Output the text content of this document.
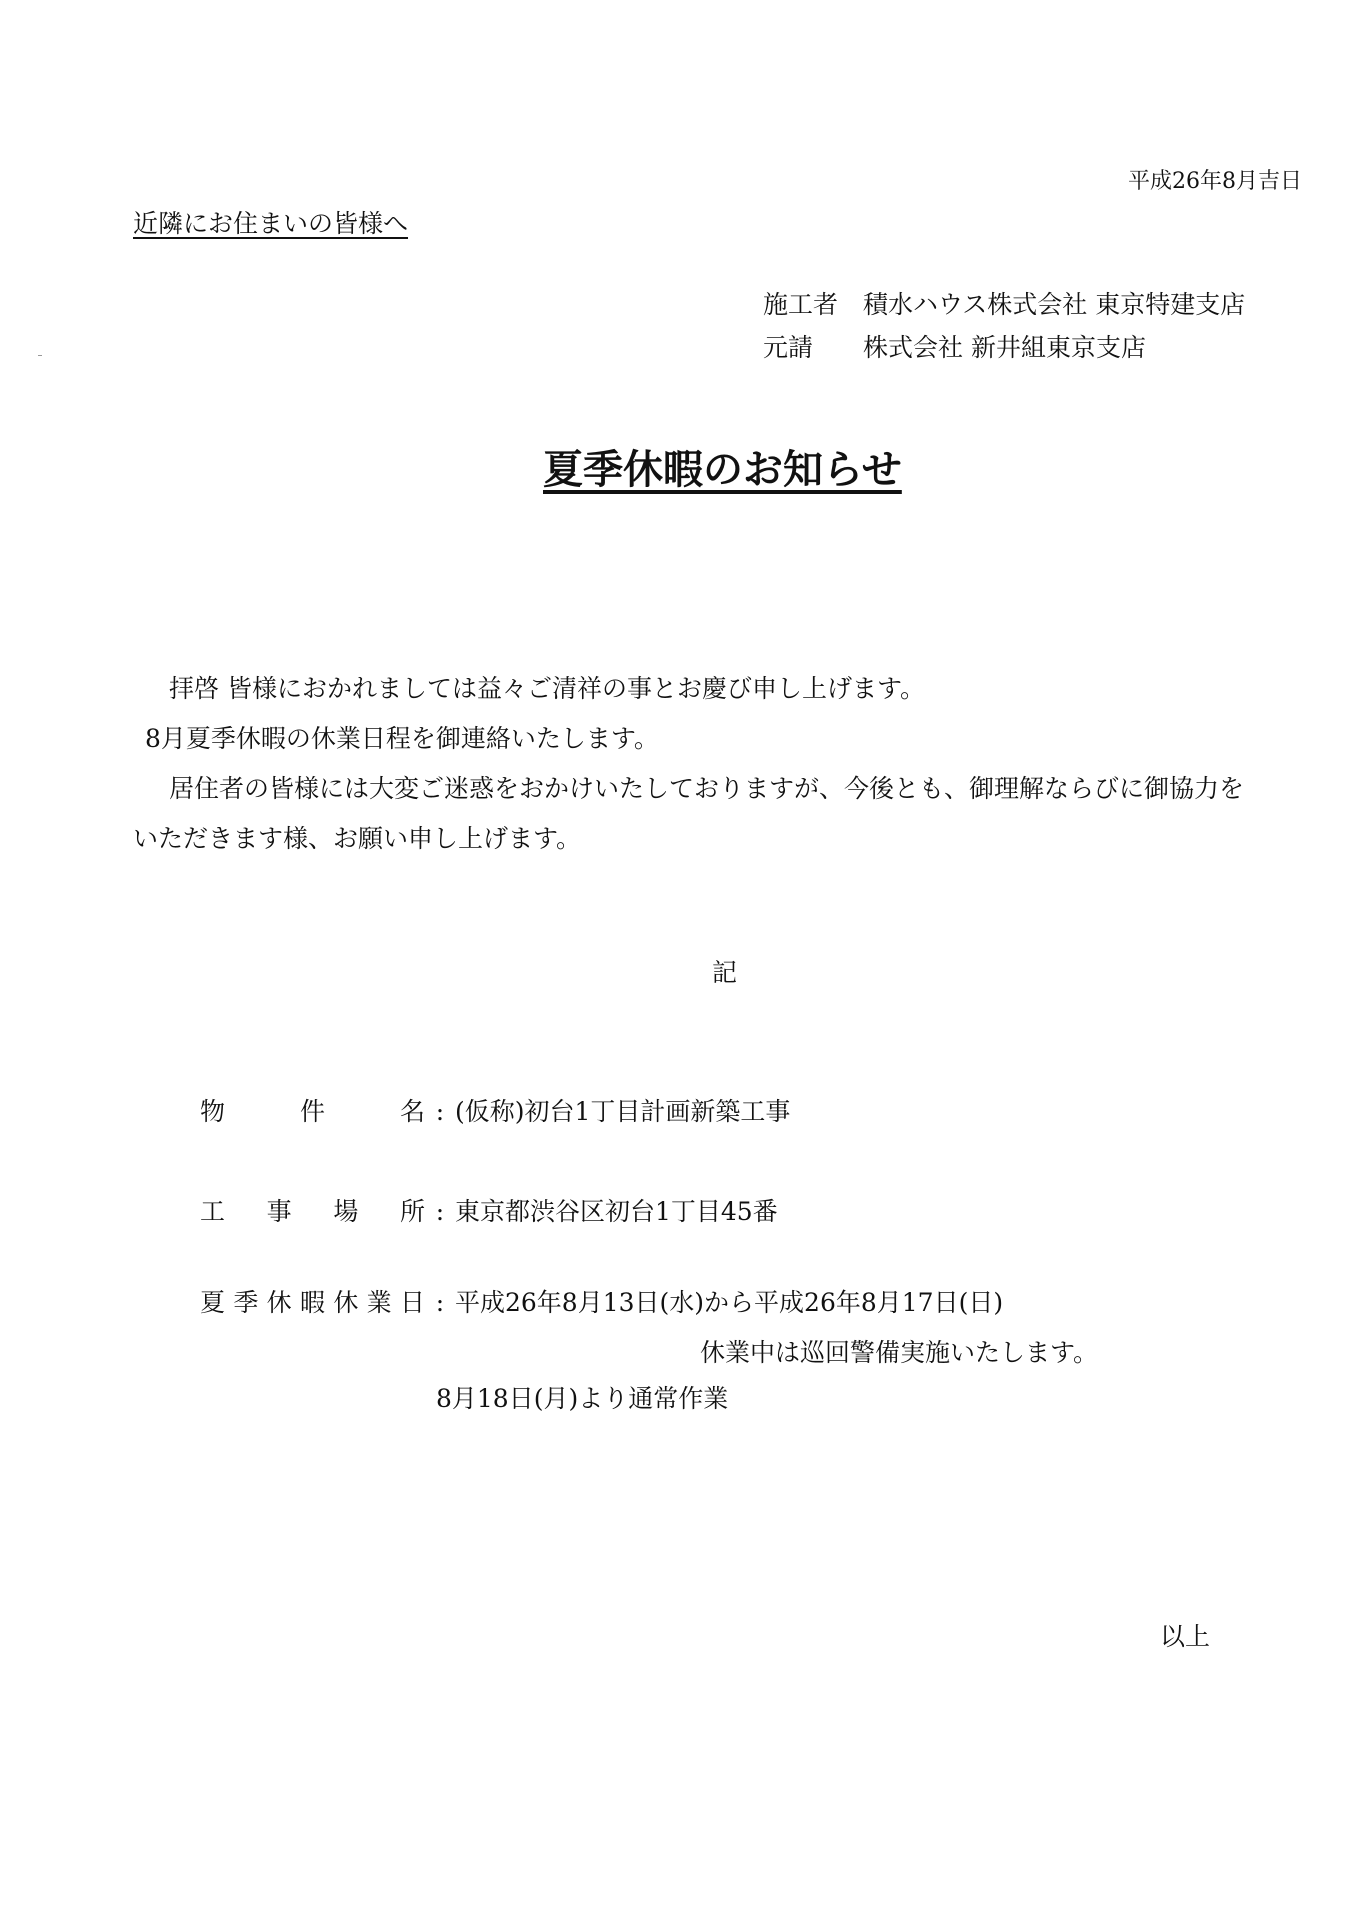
平成26年8月吉日
近隣にお住まいの皆様へ
施工者 積水ハウス株式会社 東京特建支店
元請 株式会社 新井組東京支店
夏季休暇のお知らせ

拝啓 皆様におかれましては益々ご清祥の事とお慶び申し上げます。

8月夏季休暇の休業日程を御連絡いたします。

居住者の皆様には大変ご迷惑をおかけいたしておりますが、今後とも、御理解ならびに御協力をいただきます様、お願い申し上げます。

記
物件名 : (仮称)初台1丁目計画新築工事
工事場所 : 東京都渋谷区初台1丁目45番
夏季休暇休業日 : 平成26年8月13日(水)から平成26年8月17日(日)
休業中は巡回警備実施いたします。
8月18日(月)より通常作業
以上
